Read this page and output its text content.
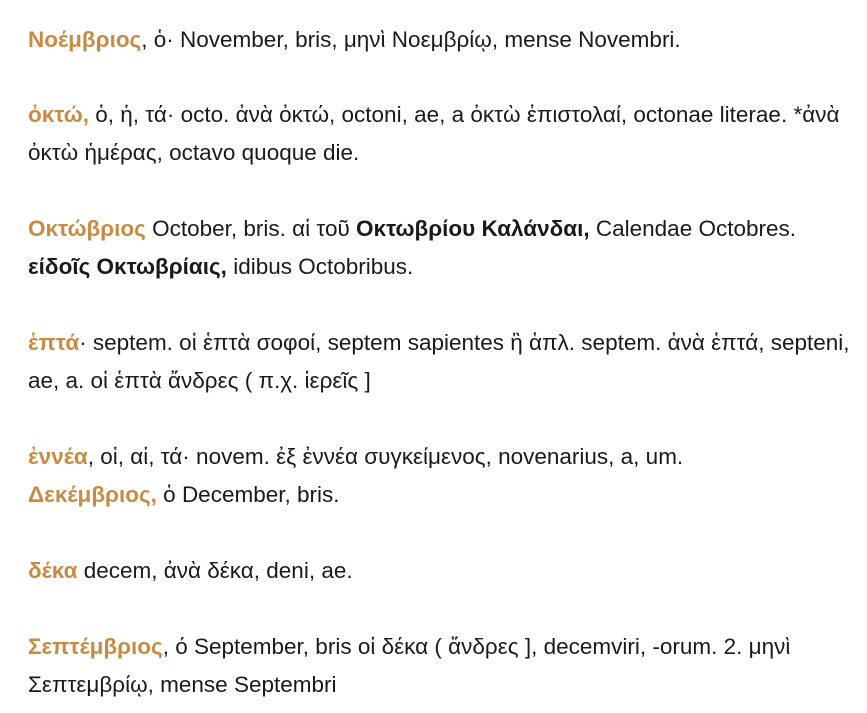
Νοέμβριος, ὁ· November, bris, μηνὶ Νοεμβρίῳ, mense Novembri.
ὀκτώ, ὁ, ἡ, τά· octo. ἀνὰ ὀκτώ, octoni, ae, a ὀκτὼ ἐπιστολαί, octonae literae. *ἀνὰ ὀκτὼ ἡμέρας, octavo quoque die.
Οκτώβριος October, bris. αἱ τοῦ Οκτωβρίου Καλάνδαι, Calendae Octobres. είδοῖς Οκτωβρίαις, idibus Octobribus.
ἑπτά· septem. οἱ ἑπτὰ σοφοί, septem sapientes ἢ ἁπλ. septem. ἀνὰ ἑπτά, septeni, ae, a. οἱ ἑπτὰ ἄνδρες ( π.χ. ἱερεῖς ]
ἐννέα, οἱ, αἱ, τά· novem. ἐξ ἐννέα συγκείμενος, novenarius, a, um.
Δεκέμβριος, ὁ December, bris.
δέκα decem, ἀνὰ δέκα, deni, ae.
Σεπτέμβριος, ό September, bris οἱ δέκα ( ἄνδρες ], decemviri, -orum. 2. μηνὶ Σεπτεμβρίῳ, mense Septembri
